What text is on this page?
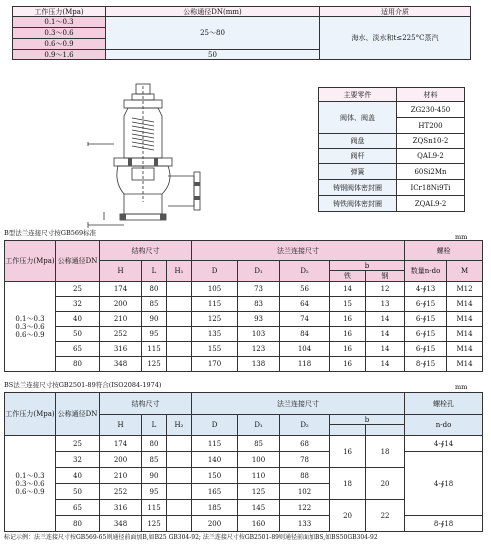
工作压力(Mpa)	公称通径DN(mm)	适用介质
0.1～0.3	25～80	海水、淡水和t≤225°C蒸汽
0.3～0.6		
0.6～0.9		
0.9～1.6	50	
主要零件	材料
阀体、阀盖	ZG230-450
	HT200
阀盘	ZQSn10-2
阀杆	QAL9-2
弹簧	60Si2Mn
铸钢阀体密封圈	ICr18Ni9Ti
铸铁阀体密封圈	ZQAL9-2
B型法兰连接尺寸按GB569标准	mm
工作压力(Mpa)	公称通径DN	结构尺寸			法兰连接尺寸					螺栓	
		H	L	H₁	D	D₁	D₂	b		数量n-do	M
								铁	钢		
0.1～0.3
0.3～0.6
0.6～0.9	25	174	80		105	73	56	14	12	4-∮13	M12
	32	200	85		115	83	64	15	13	6-∮15	M14
	40	210	90		125	93	74	16	14	6-∮15	M14
	50	252	95		135	103	84	16	14	6-∮15	M14
	65	316	115		155	123	104	16	14	6-∮15	M14
	80	348	125		170	138	118	16	14	8-∮15	M14
BS法兰连接尺寸按GB2501-89符合(ISO2084-1974)	mm
工作压力(Mpa)	公称通径DN	结构尺寸			法兰连接尺寸					螺栓孔
		H	L	H₂	D	D₁	D₂	b		n-do

0.1～0.3
0.3～0.6
0.6～0.9	25	174	80		115	85	68	16	18	4-∮14
	32	200	85		140	100	78			4-∮18
	40	210	90		150	110	88	18	20	
	50	252	95		165	125	102			
	65	316	115		185	145	122	20	22	
	80	348	125		200	160	133			8-∮18
标记示例：法兰连接尺寸按GB569-65则通径前面加B,如B25 GB304-92; 法兰连接尺寸按GB2501-89则通径前面加BS,如BS50GB304-92
